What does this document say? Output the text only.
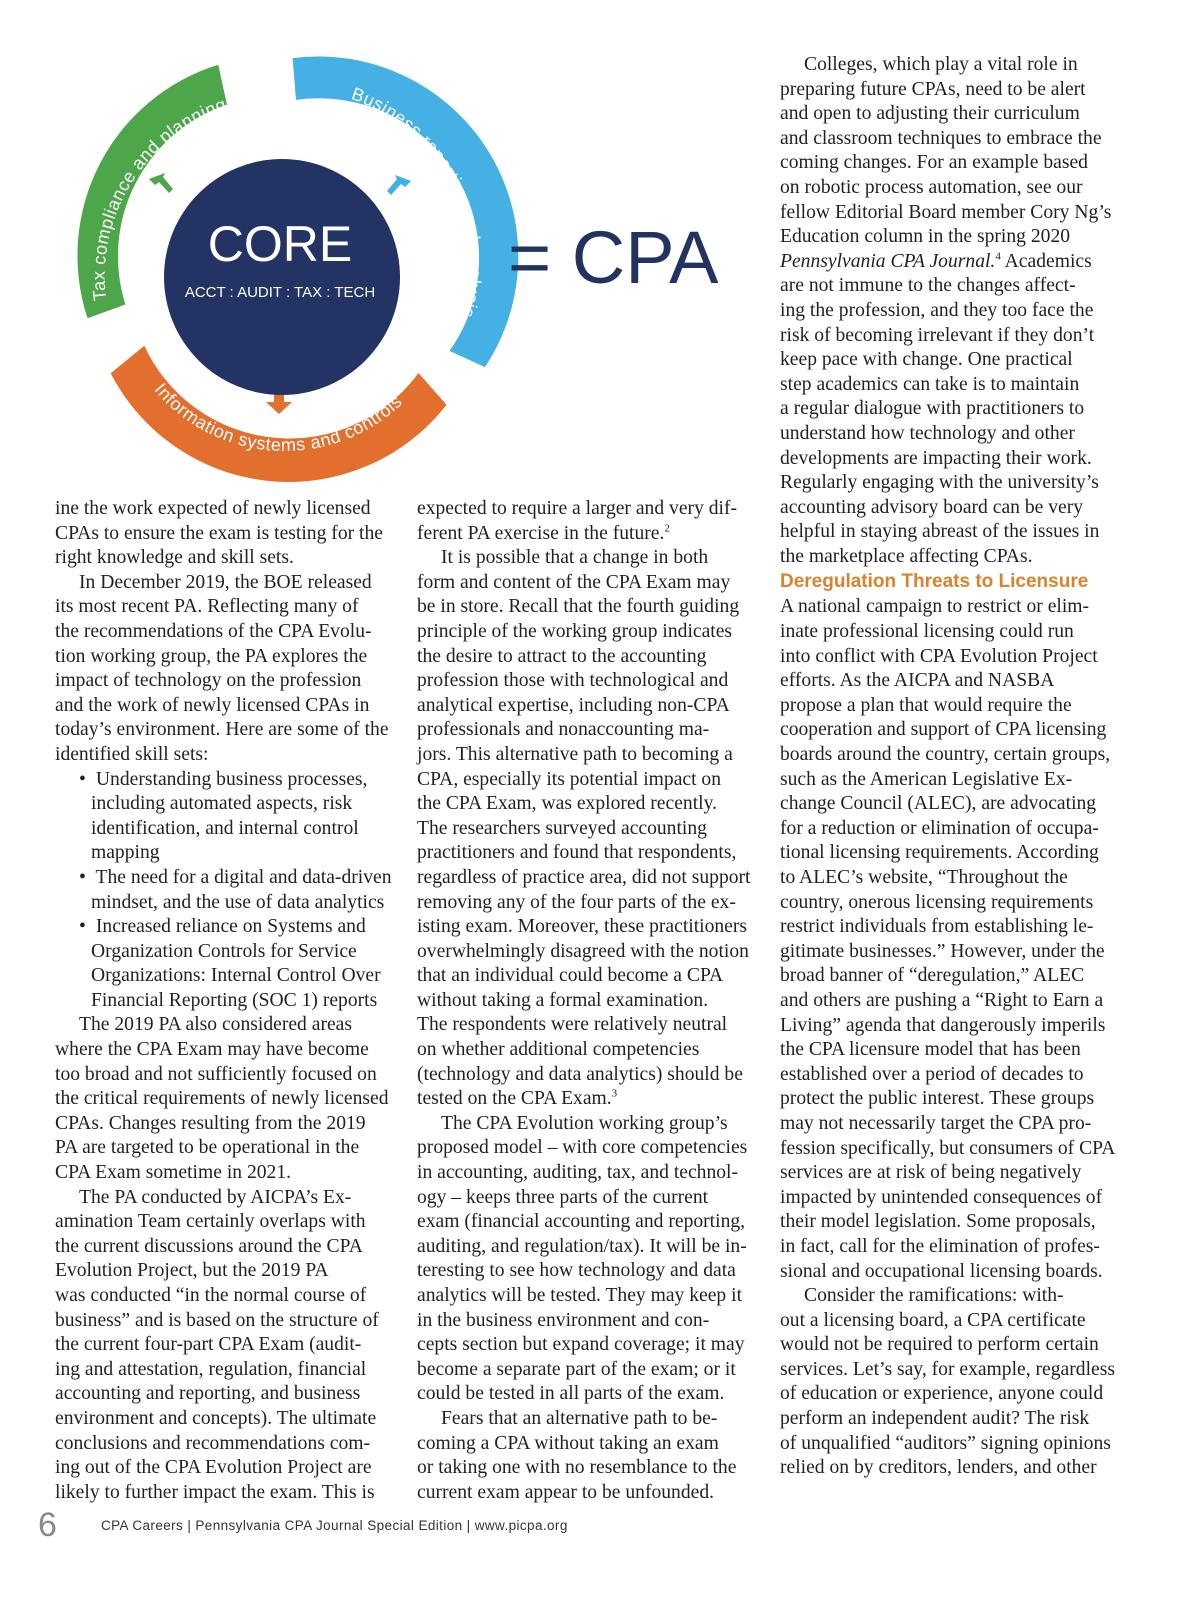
Tax compliance and planning	Business reporting and analysis
Information systems and controls
CORE
ACCT : AUDIT : TAX : TECH = CPA

ine the work expected of newly licensed
CPAs to ensure the exam is testing for the
right knowledge and skill sets.

In December 2019, the BOE released
its most recent PA. Reflecting many of
the recommendations of the CPA Evolu-
tion working group, the PA explores the
impact of technology on the profession
and the work of newly licensed CPAs in
today’s environment. Here are some of the
identified skill sets:

• Understanding business processes,
including automated aspects, risk
identification, and internal control
mapping
• The need for a digital and data-driven
mindset, and the use of data analytics
• Increased reliance on Systems and
Organization Controls for Service
Organizations: Internal Control Over
Financial Reporting (SOC 1) reports

The 2019 PA also considered areas
where the CPA Exam may have become
too broad and not sufficiently focused on
the critical requirements of newly licensed
CPAs. Changes resulting from the 2019
PA are targeted to be operational in the
CPA Exam sometime in 2021.

The PA conducted by AICPA’s Ex-
amination Team certainly overlaps with
the current discussions around the CPA
Evolution Project, but the 2019 PA
was conducted “in the normal course of
business” and is based on the structure of
the current four-part CPA Exam (audit-
ing and attestation, regulation, financial
accounting and reporting, and business
environment and concepts). The ultimate
conclusions and recommendations com-
ing out of the CPA Evolution Project are
likely to further impact the exam. This is

expected to require a larger and very dif-
ferent PA exercise in the future.$^2$

It is possible that a change in both
form and content of the CPA Exam may
be in store. Recall that the fourth guiding
principle of the working group indicates
the desire to attract to the accounting
profession those with technological and
analytical expertise, including non-CPA
professionals and nonaccounting ma-
jors. This alternative path to becoming a
CPA, especially its potential impact on
the CPA Exam, was explored recently.
The researchers surveyed accounting
practitioners and found that respondents,
regardless of practice area, did not support
removing any of the four parts of the ex-
isting exam. Moreover, these practitioners
overwhelmingly disagreed with the notion
that an individual could become a CPA
without taking a formal examination.
The respondents were relatively neutral
on whether additional competencies
(technology and data analytics) should be
tested on the CPA Exam.$^3$

The CPA Evolution working group’s
proposed model – with core competencies
in accounting, auditing, tax, and technol-
ogy – keeps three parts of the current
exam (financial accounting and reporting,
auditing, and regulation/tax). It will be in-
teresting to see how technology and data
analytics will be tested. They may keep it
in the business environment and con-
cepts section but expand coverage; it may
become a separate part of the exam; or it
could be tested in all parts of the exam.

Fears that an alternative path to be-
coming a CPA without taking an exam
or taking one with no resemblance to the
current exam appear to be unfounded.

Colleges, which play a vital role in
preparing future CPAs, need to be alert
and open to adjusting their curriculum
and classroom techniques to embrace the
coming changes. For an example based
on robotic process automation, see our
fellow Editorial Board member Cory Ng’s
Education column in the spring 2020
Pennsylvania CPA Journal.$^4$ Academics
are not immune to the changes affect-
ing the profession, and they too face the
risk of becoming irrelevant if they don’t
keep pace with change. One practical
step academics can take is to maintain
a regular dialogue with practitioners to
understand how technology and other
developments are impacting their work.
Regularly engaging with the university’s
accounting advisory board can be very
helpful in staying abreast of the issues in
the marketplace affecting CPAs.

Deregulation Threats to Licensure

A national campaign to restrict or elim-
inate professional licensing could run
into conflict with CPA Evolution Project
efforts. As the AICPA and NASBA
propose a plan that would require the
cooperation and support of CPA licensing
boards around the country, certain groups,
such as the American Legislative Ex-
change Council (ALEC), are advocating
for a reduction or elimination of occupa-
tional licensing requirements. According
to ALEC’s website, “Throughout the
country, onerous licensing requirements
restrict individuals from establishing le-
gitimate businesses.” However, under the
broad banner of “deregulation,” ALEC
and others are pushing a “Right to Earn a
Living” agenda that dangerously imperils
the CPA licensure model that has been
established over a period of decades to
protect the public interest. These groups
may not necessarily target the CPA pro-
fession specifically, but consumers of CPA
services are at risk of being negatively
impacted by unintended consequences of
their model legislation. Some proposals,
in fact, call for the elimination of profes-
sional and occupational licensing boards.

Consider the ramifications: with-
out a licensing board, a CPA certificate
would not be required to perform certain
services. Let’s say, for example, regardless
of education or experience, anyone could
perform an independent audit? The risk
of unqualified “auditors” signing opinions
relied on by creditors, lenders, and other

6	CPA Careers | Pennsylvania CPA Journal Special Edition | www.picpa.org
